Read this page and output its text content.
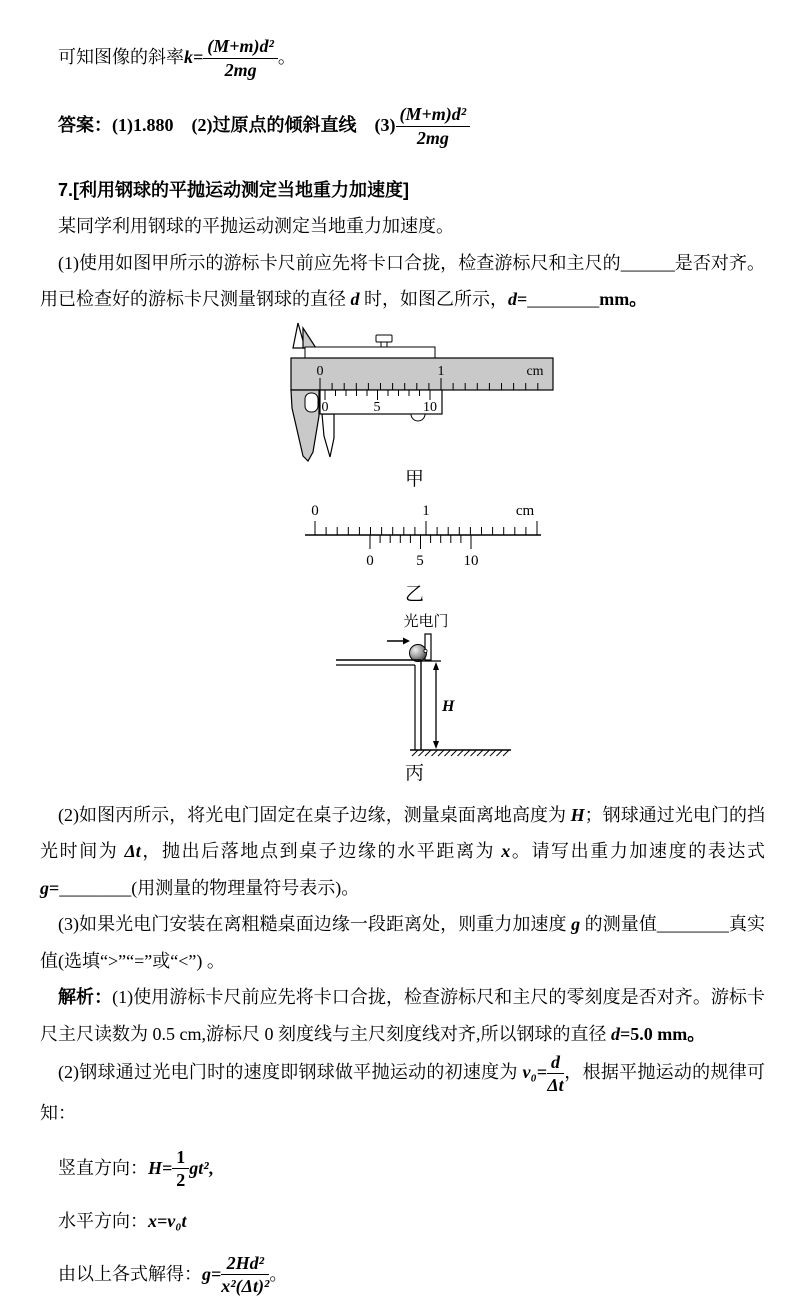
可知图像的斜率 $k= \frac{\text{(M+m)d²}}{2mg}$ 。
答案： (1)1.880 (2)过原点的倾斜直线 $(3) \frac{\text{(M+m)d²}}{2mg}$

7.[利用钢球的平抛运动测定当地重力加速度]

某同学利用钢球的平抛运动测定当地重力加速度。

(1)使用如图甲所示的游标卡尺前应先将卡口合拢，检查游标尺和主尺的______是否对齐。用已检查好的游标卡尺测量钢球的直径 d 时，如图乙所示，d=________mm。

0	1	cm
0	5	10
甲
0	1	cm
0	5	10
乙
光电门
H
丙

(2)如图丙所示，将光电门固定在桌子边缘，测量桌面离地高度为 H；钢球通过光电门的挡光时间为 Δt，抛出后落地点到桌子边缘的水平距离为 x。请写出重力加速度的表达式 g=________(用测量的物理量符号表示)。

(3)如果光电门安装在离粗糙桌面边缘一段距离处，则重力加速度 g 的测量值________真实值(选填“>”“=”或“<”) 。

解析：(1)使用游标卡尺前应先将卡口合拢，检查游标尺和主尺的零刻度是否对齐。游标卡尺主尺读数为 0.5 cm,游标尺 0 刻度线与主尺刻度线对齐,所以钢球的直径 d=5.0 mm。

(2)钢球通过光电门时的速度即钢球做平抛运动的初速度为 $v_0= \frac{d}{\Delta t}$ ，根据平抛运动的规律可知：

竖直方向： $H= \frac{1}{2} gt^2$ ,
水平方向： x=v₀t
由以上各式解得： $g= \frac{\text{2Hd²}}{\text{x²(Δt)²}}$ 。
